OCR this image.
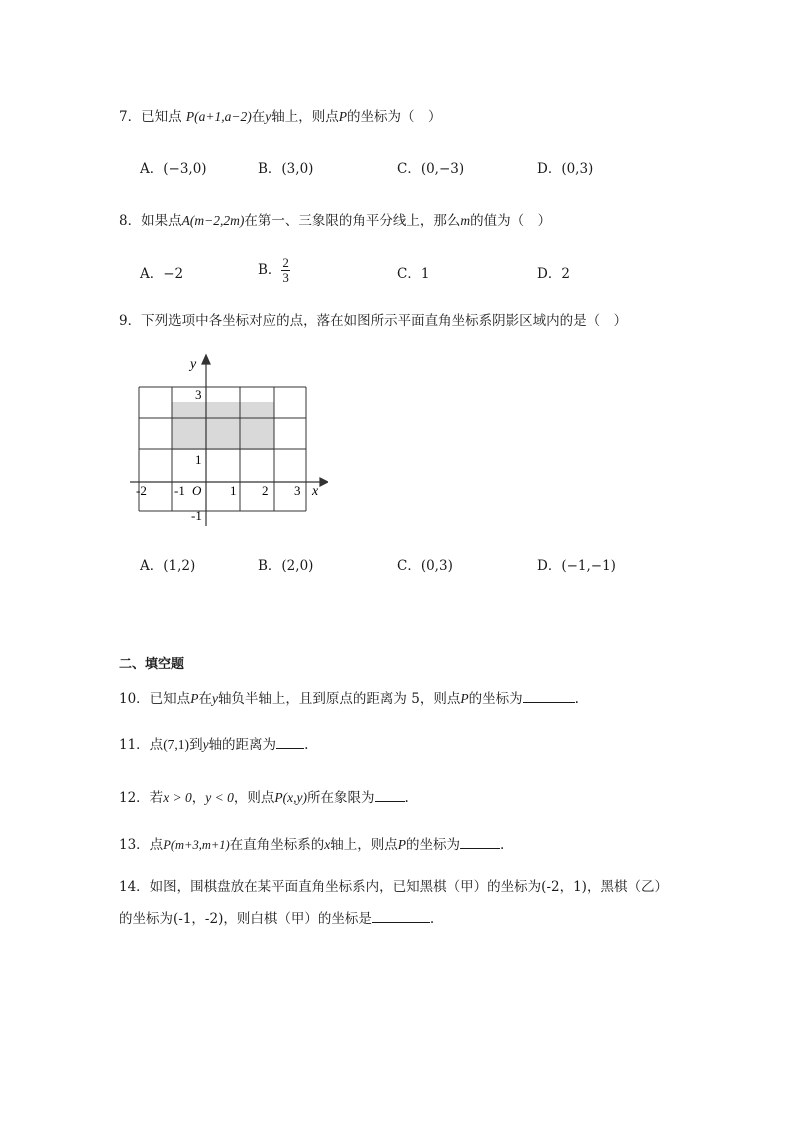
7．已知点 P(a+1,a−2)在y轴上，则点P的坐标为（　）
A．(−3,0)	B．(3,0)	C．(0,−3)	D．(0,3)
8．如果点A(m−2,2m)在第一、三象限的角平分线上，那么m的值为（　）
A．−2	B． $\frac{2}{3}$	C．1	D．2
9．下列选项中各坐标对应的点，落在如图所示平面直角坐标系阴影区域内的是（　）
y
x
O
-2 -1	1 2 3
3
1
-1
A．(1,2)	B．(2,0)	C．(0,3)	D．(−1,−1)
二、填空题
10．已知点P在y轴负半轴上，且到原点的距离为 5，则点P的坐标为	.
11．点(7,1)到y轴的距离为 .
12．若x > 0，y < 0，则点P(x,y)所在象限为 .
13．点P(m+3,m+1)在直角坐标系的x轴上，则点P的坐标为	.
14．如图，围棋盘放在某平面直角坐标系内，已知黑棋（甲）的坐标为(-2，1)，黑棋（乙）
的坐标为(-1，-2)，则白棋（甲）的坐标是	.
